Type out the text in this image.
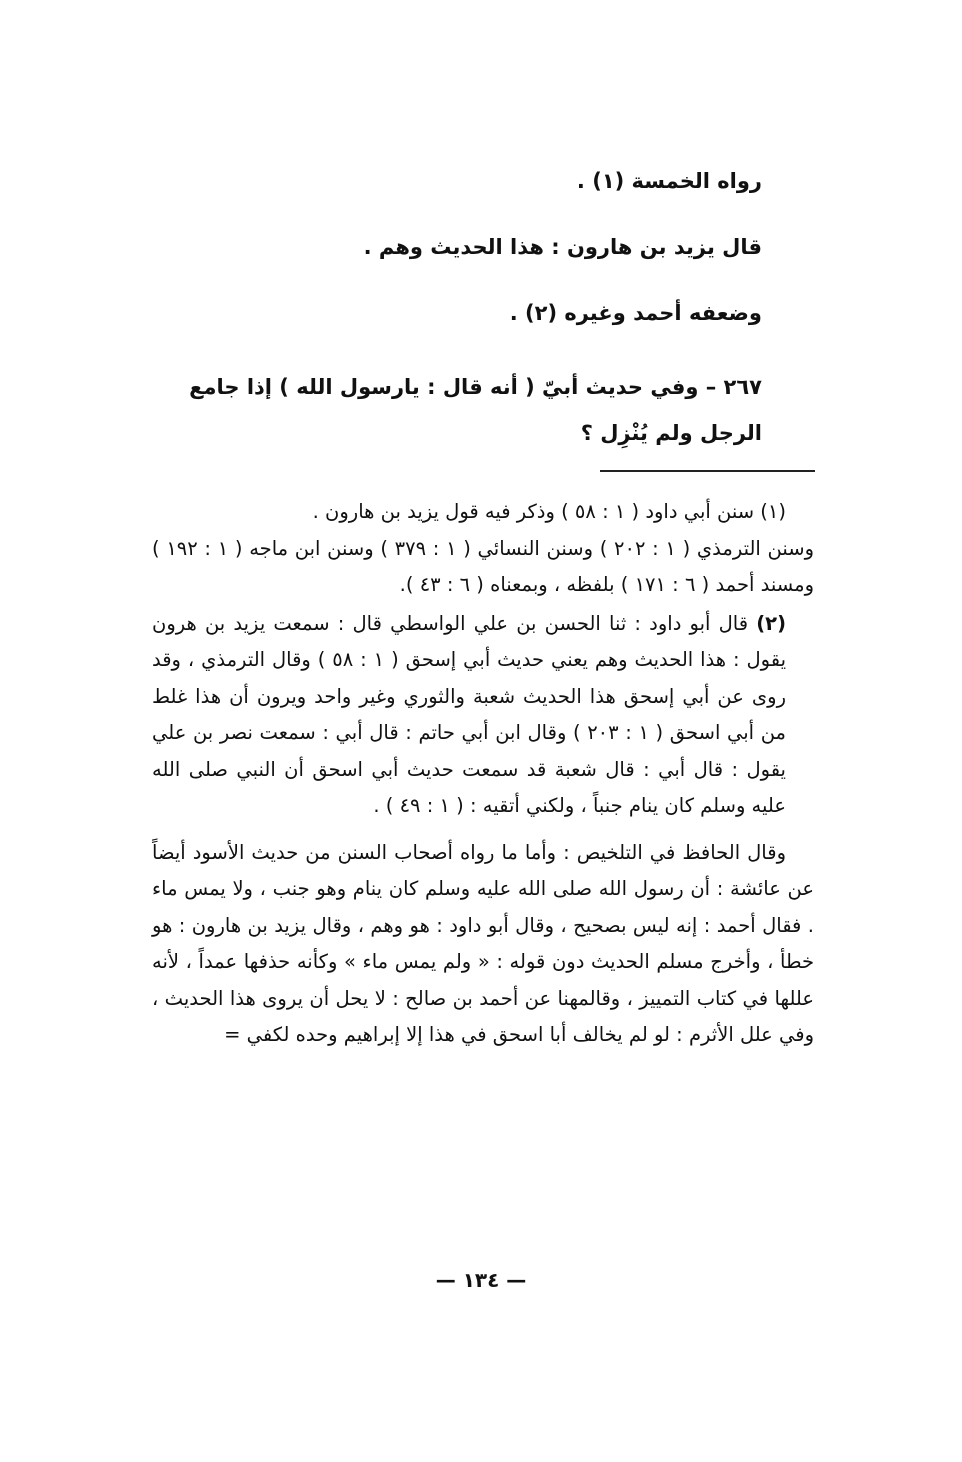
رواه الخمسة (١) .

قال يزيد بن هارون : هذا الحديث وهم .

وضعفه أحمد وغيره (٢) .

٢٦٧ – وفي حديث أبيّ ( أنه قال : يارسول الله ) إذا جامع الرجل ولم يُنْزِل ؟

(١) سنن أبي داود ( ١ : ٥٨ ) وذكر فيه قول يزيد بن هارون .

وسنن الترمذي ( ١ : ٢٠٢ ) وسنن النسائي ( ١ : ٣٧٩ ) وسنن ابن ماجه ( ١ : ١٩٢ ) ومسند أحمد ( ٦ : ١٧١ ) بلفظه ، وبمعناه ( ٦ : ٤٣ ).

(٢) قال أبو داود : ثنا الحسن بن علي الواسطي قال : سمعت يزيد بن هرون يقول : هذا الحديث وهم يعني حديث أبي إسحق ( ١ : ٥٨ ) وقال الترمذي ، وقد روى عن أبي إسحق هذا الحديث شعبة والثوري وغير واحد ويرون أن هذا غلط من أبي اسحق ( ١ : ٢٠٣ ) وقال ابن أبي حاتم : قال أبي : سمعت نصر بن علي يقول : قال أبي : قال شعبة قد سمعت حديث أبي اسحق أن النبي صلى الله عليه وسلم كان ينام جنباً ، ولكني أتقيه : ( ١ : ٤٩ ) .

وقال الحافظ في التلخيص : وأما ما رواه أصحاب السنن من حديث الأسود أيضاً عن عائشة : أن رسول الله صلى الله عليه وسلم كان ينام وهو جنب ، ولا يمس ماء . فقال أحمد : إنه ليس بصحيح ، وقال أبو داود : هو وهم ، وقال يزيد بن هارون : هو خطأ ، وأخرج مسلم الحديث دون قوله : « ولم يمس ماء » وكأنه حذفها عمداً ، لأنه عللها في كتاب التمييز ، وقالمهنا عن أحمد بن صالح : لا يحل أن يروى هذا الحديث ، وفي علل الأثرم : لو لم يخالف أبا اسحق في هذا إلا إبراهيم وحده لكفي =

— ١٣٤ —
